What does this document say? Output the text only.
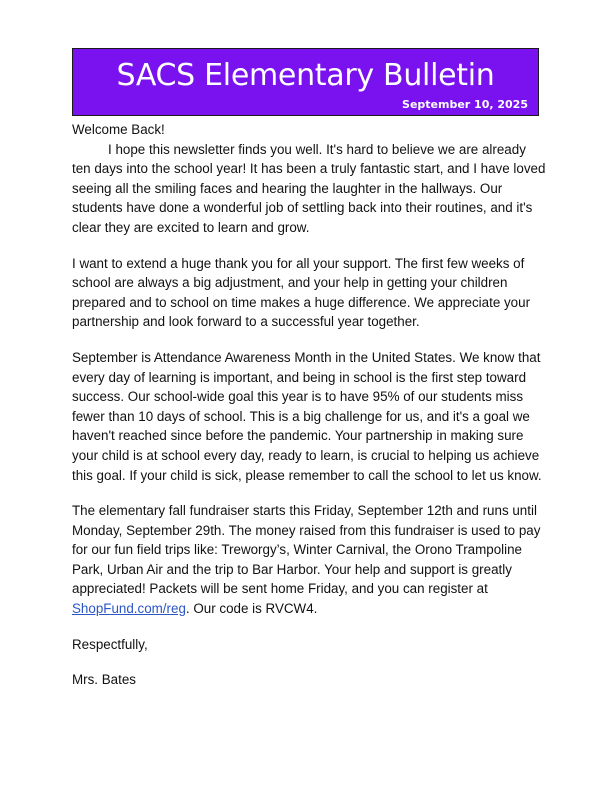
SACS Elementary Bulletin
September 10, 2025

Welcome Back!

I hope this newsletter finds you well. It's hard to believe we are already ten days into the school year! It has been a truly fantastic start, and I have loved seeing all the smiling faces and hearing the laughter in the hallways. Our students have done a wonderful job of settling back into their routines, and it's clear they are excited to learn and grow.

I want to extend a huge thank you for all your support. The first few weeks of school are always a big adjustment, and your help in getting your children prepared and to school on time makes a huge difference. We appreciate your partnership and look forward to a successful year together.

September is Attendance Awareness Month in the United States. We know that every day of learning is important, and being in school is the first step toward success. Our school-wide goal this year is to have 95% of our students miss fewer than 10 days of school. This is a big challenge for us, and it's a goal we haven't reached since before the pandemic. Your partnership in making sure your child is at school every day, ready to learn, is crucial to helping us achieve this goal. If your child is sick, please remember to call the school to let us know.

The elementary fall fundraiser starts this Friday, September 12th and runs until Monday, September 29th. The money raised from this fundraiser is used to pay for our fun field trips like: Treworgy’s, Winter Carnival, the Orono Trampoline Park, Urban Air and the trip to Bar Harbor. Your help and support is greatly appreciated! Packets will be sent home Friday, and you can register at ShopFund.com/reg. Our code is RVCW4.

Respectfully,

Mrs. Bates
